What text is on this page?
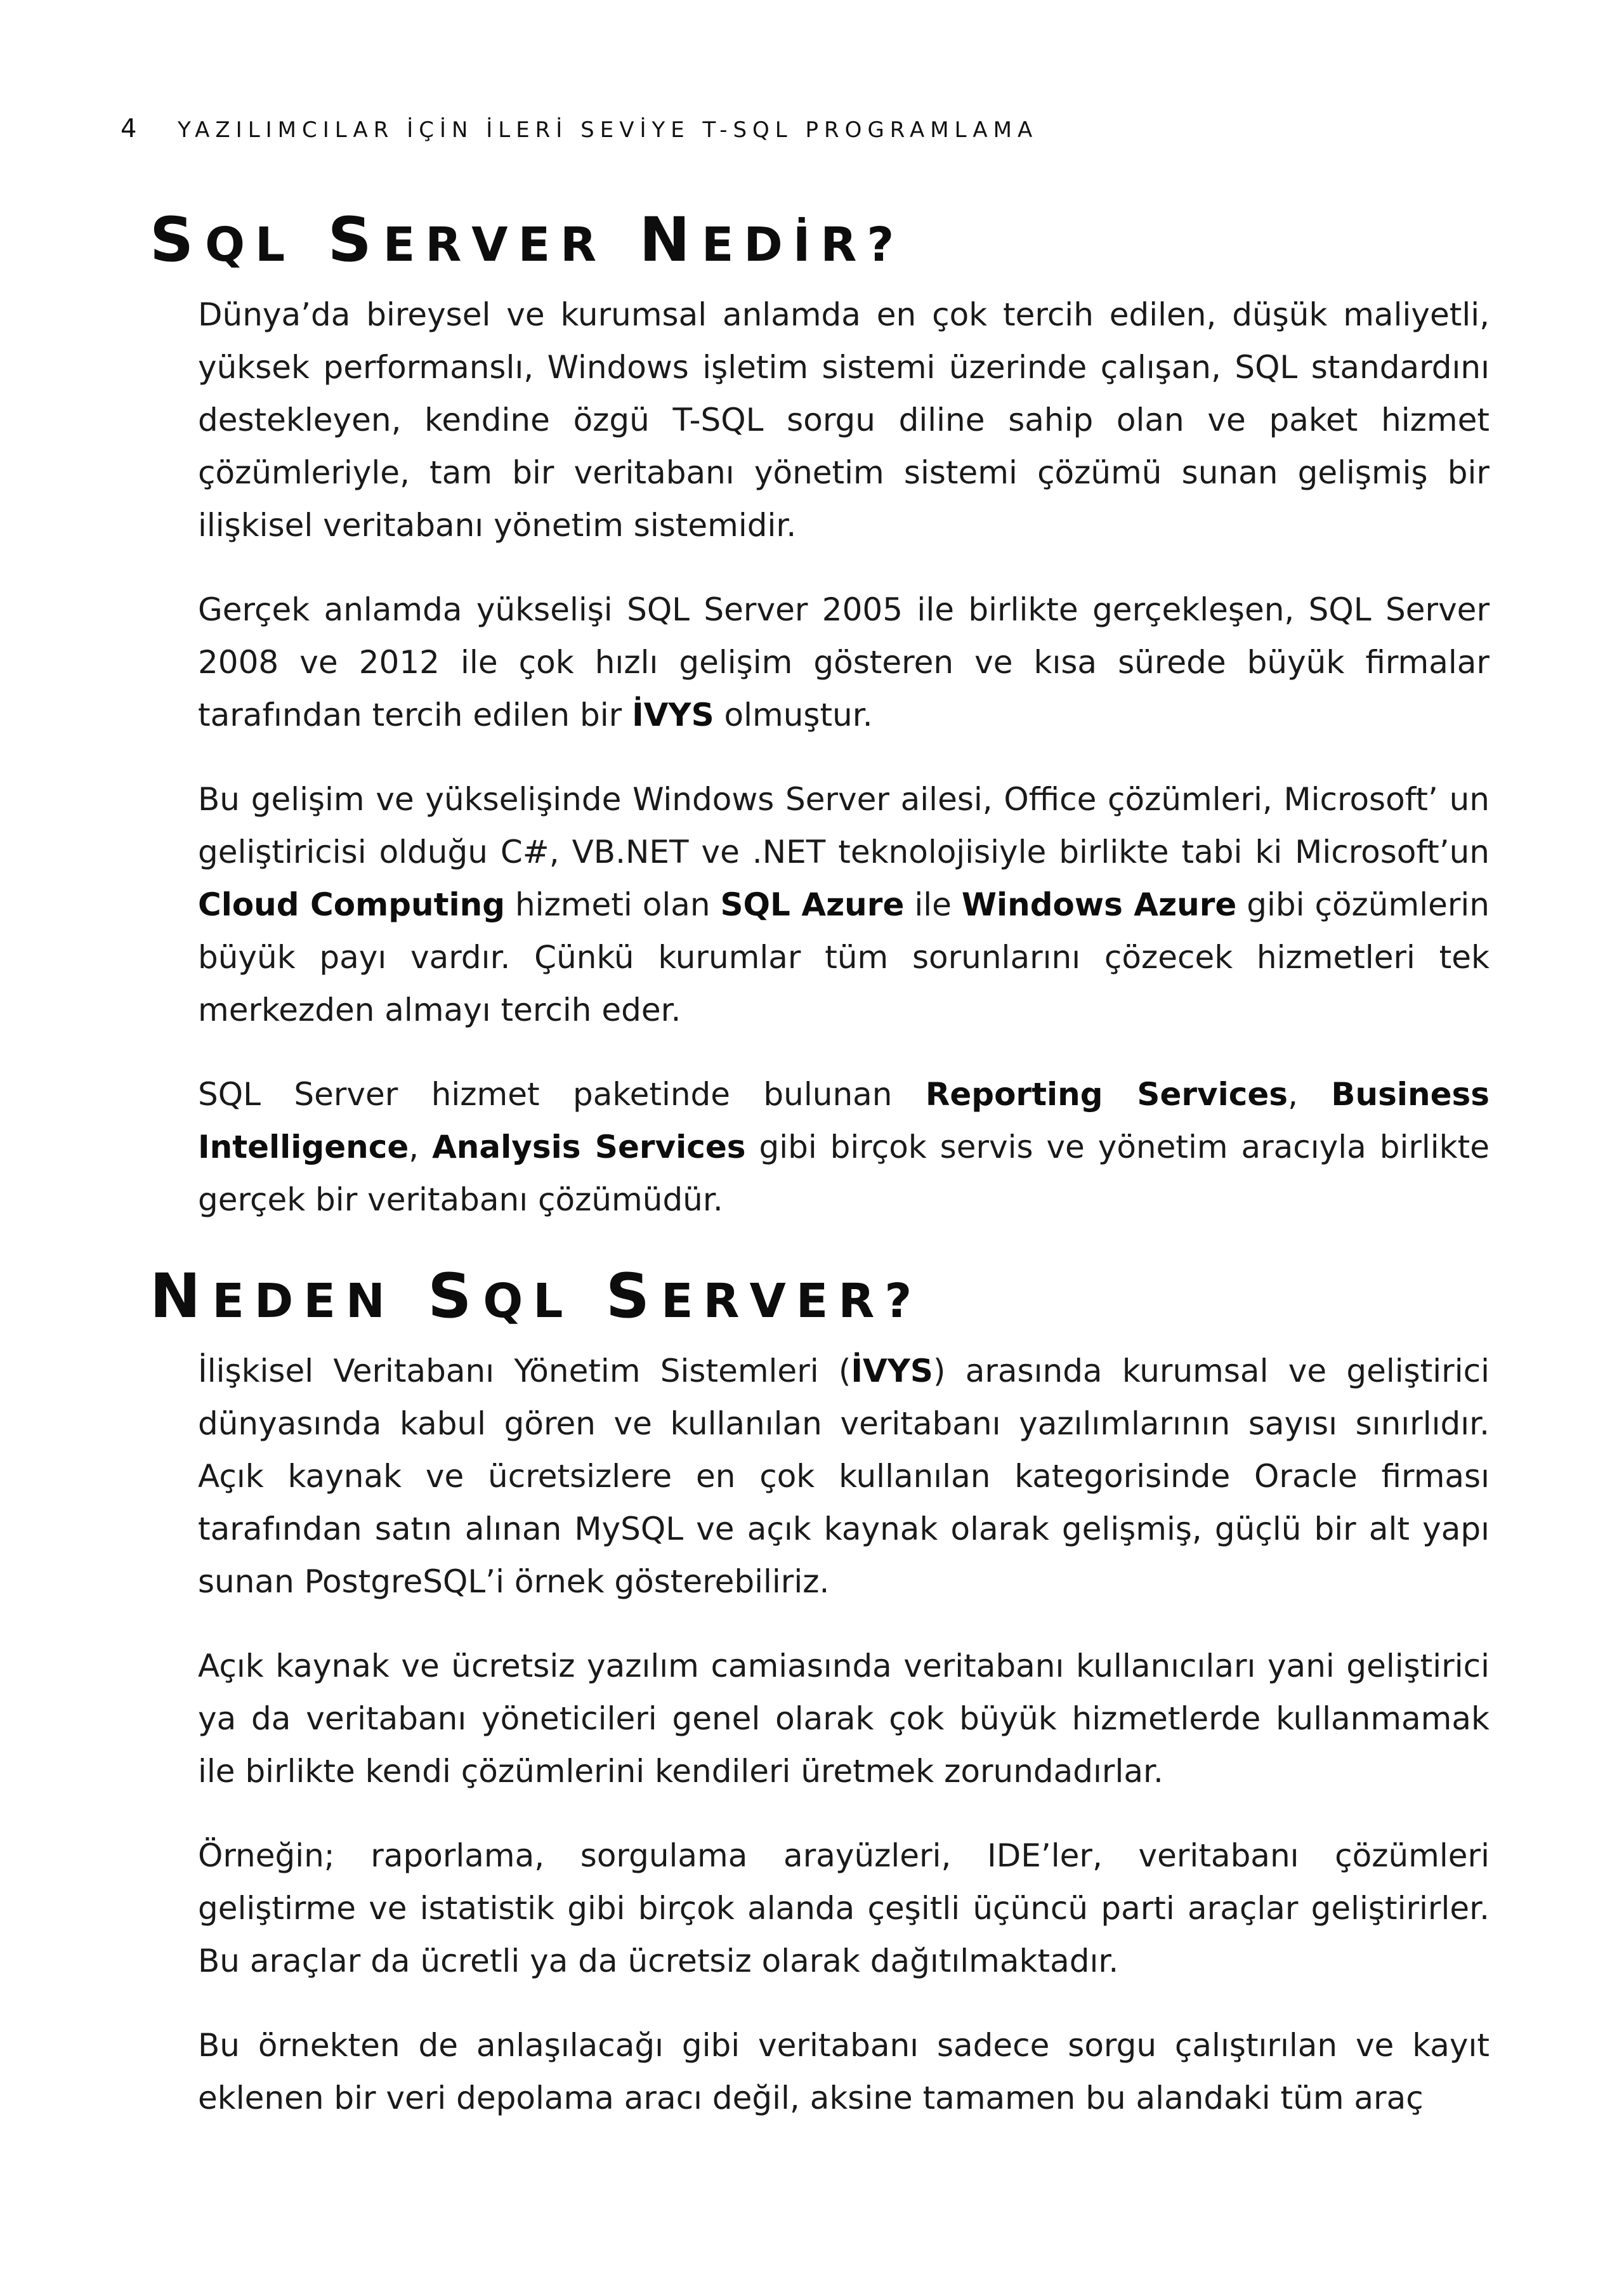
4 YAZILIMCILAR İÇİN İLERİ SEVİYE T-SQL PROGRAMLAMA
SQL SERVER NEDİR?

Dünya’da bireysel ve kurumsal anlamda en çok tercih edilen, düşük maliyetli, yüksek performanslı, Windows işletim sistemi üzerinde çalışan, SQL standardını destekleyen, kendine özgü T-SQL sorgu diline sahip olan ve paket hizmet çözümleriyle, tam bir veritabanı yönetim sistemi çözümü sunan gelişmiş bir ilişkisel veritabanı yönetim sistemidir.

Gerçek anlamda yükselişi SQL Server 2005 ile birlikte gerçekleşen, SQL Server 2008 ve 2012 ile çok hızlı gelişim gösteren ve kısa sürede büyük firmalar tarafından tercih edilen bir İVYS olmuştur.

Bu gelişim ve yükselişinde Windows Server ailesi, Office çözümleri, Microsoft’ un geliştiricisi olduğu C#, VB.NET ve .NET teknolojisiyle birlikte tabi ki Microsoft’un Cloud Computing hizmeti olan SQL Azure ile Windows Azure gibi çözümlerin büyük payı vardır. Çünkü kurumlar tüm sorunlarını çözecek hizmetleri tek merkezden almayı tercih eder.

SQL Server hizmet paketinde bulunan Reporting Services, Business Intelligence, Analysis Services gibi birçok servis ve yönetim aracıyla birlikte gerçek bir veritabanı çözümüdür.

NEDEN SQL SERVER?

İlişkisel Veritabanı Yönetim Sistemleri (İVYS) arasında kurumsal ve geliştirici dünyasında kabul gören ve kullanılan veritabanı yazılımlarının sayısı sınırlıdır. Açık kaynak ve ücretsizlere en çok kullanılan kategorisinde Oracle firması tarafından satın alınan MySQL ve açık kaynak olarak gelişmiş, güçlü bir alt yapı sunan PostgreSQL’i örnek gösterebiliriz.

Açık kaynak ve ücretsiz yazılım camiasında veritabanı kullanıcıları yani geliştirici ya da veritabanı yöneticileri genel olarak çok büyük hizmetlerde kullanmamak ile birlikte kendi çözümlerini kendileri üretmek zorundadırlar.

Örneğin; raporlama, sorgulama arayüzleri, IDE’ler, veritabanı çözümleri geliştirme ve istatistik gibi birçok alanda çeşitli üçüncü parti araçlar geliştirirler. Bu araçlar da ücretli ya da ücretsiz olarak dağıtılmaktadır.

Bu örnekten de anlaşılacağı gibi veritabanı sadece sorgu çalıştırılan ve kayıt eklenen bir veri depolama aracı değil, aksine tamamen bu alandaki tüm araç
